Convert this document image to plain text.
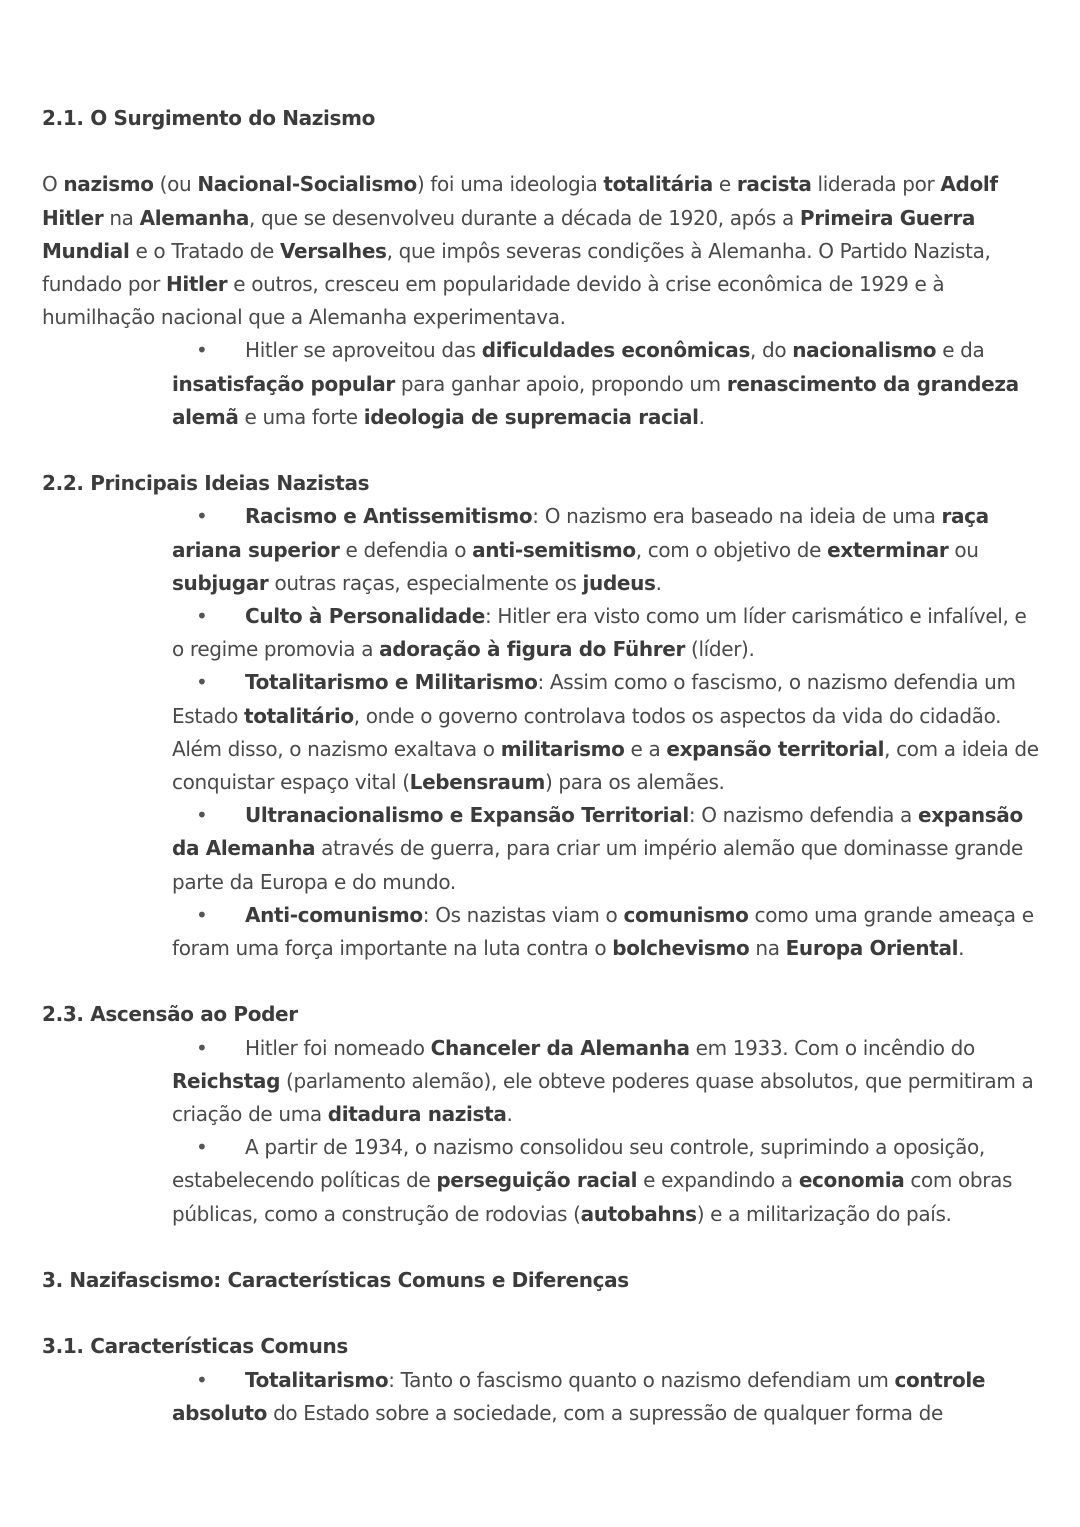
2.1. O Surgimento do Nazismo
O nazismo (ou Nacional-Socialismo) foi uma ideologia totalitária e racista liderada por Adolf Hitler na Alemanha, que se desenvolveu durante a década de 1920, após a Primeira Guerra Mundial e o Tratado de Versalhes, que impôs severas condições à Alemanha. O Partido Nazista, fundado por Hitler e outros, cresceu em popularidade devido à crise econômica de 1929 e à humilhação nacional que a Alemanha experimentava.
• Hitler se aproveitou das dificuldades econômicas, do nacionalismo e da insatisfação popular para ganhar apoio, propondo um renascimento da grandeza alemã e uma forte ideologia de supremacia racial.
2.2. Principais Ideias Nazistas
• Racismo e Antissemitismo: O nazismo era baseado na ideia de uma raça ariana superior e defendia o anti-semitismo, com o objetivo de exterminar ou subjugar outras raças, especialmente os judeus.
• Culto à Personalidade: Hitler era visto como um líder carismático e infalível, e o regime promovia a adoração à figura do Führer (líder).
• Totalitarismo e Militarismo: Assim como o fascismo, o nazismo defendia um Estado totalitário, onde o governo controlava todos os aspectos da vida do cidadão. Além disso, o nazismo exaltava o militarismo e a expansão territorial, com a ideia de conquistar espaço vital (Lebensraum) para os alemães.
• Ultranacionalismo e Expansão Territorial: O nazismo defendia a expansão da Alemanha através de guerra, para criar um império alemão que dominasse grande parte da Europa e do mundo.
• Anti-comunismo: Os nazistas viam o comunismo como uma grande ameaça e foram uma força importante na luta contra o bolchevismo na Europa Oriental.
2.3. Ascensão ao Poder
• Hitler foi nomeado Chanceler da Alemanha em 1933. Com o incêndio do Reichstag (parlamento alemão), ele obteve poderes quase absolutos, que permitiram a criação de uma ditadura nazista.
• A partir de 1934, o nazismo consolidou seu controle, suprimindo a oposição, estabelecendo políticas de perseguição racial e expandindo a economia com obras públicas, como a construção de rodovias (autobahns) e a militarização do país.
3. Nazifascismo: Características Comuns e Diferenças
3.1. Características Comuns
• Totalitarismo: Tanto o fascismo quanto o nazismo defendiam um controle absoluto do Estado sobre a sociedade, com a supressão de qualquer forma de
